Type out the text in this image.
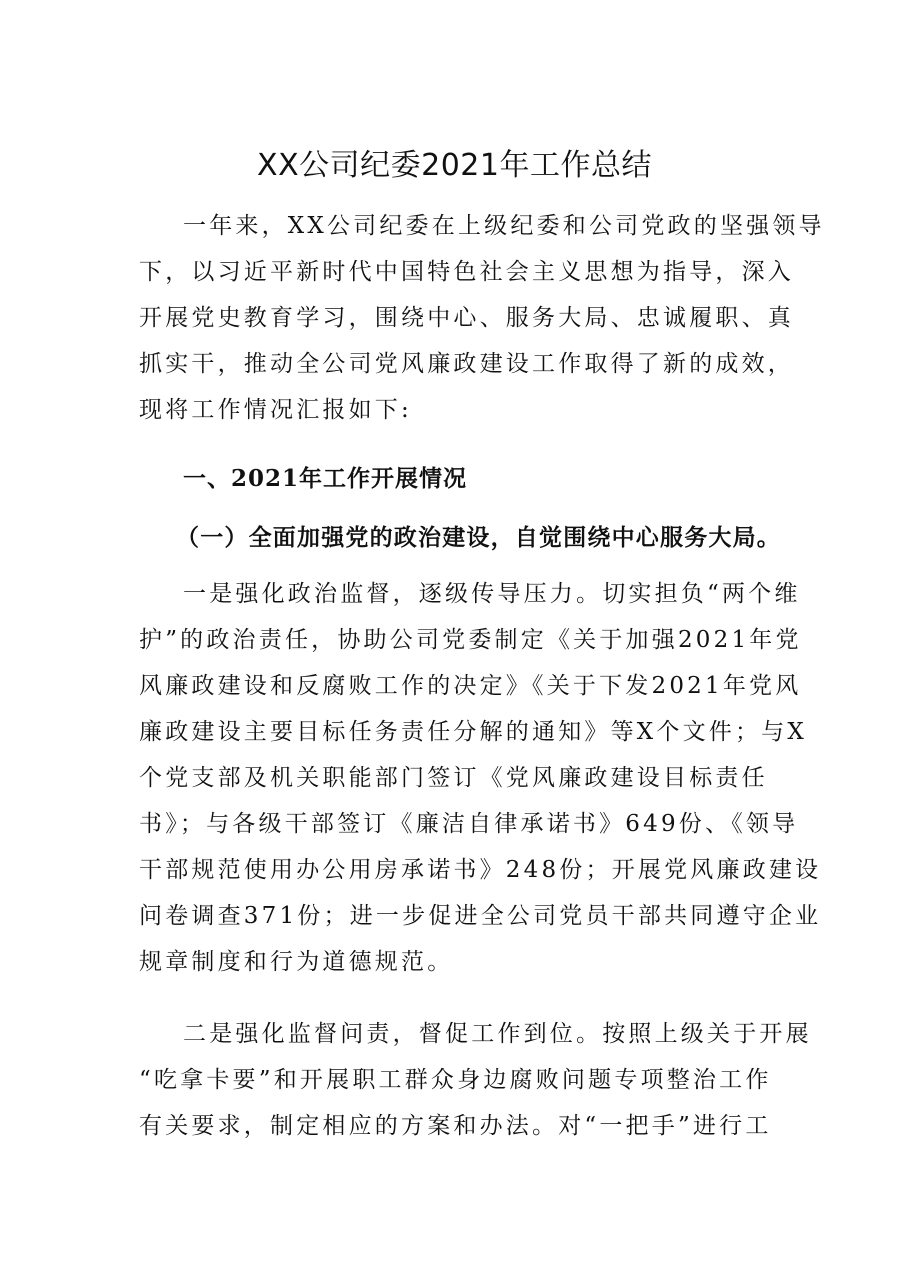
XX公司纪委2021年工作总结

一年来，XX公司纪委在上级纪委和公司党政的坚强领导
下，以习近平新时代中国特色社会主义思想为指导，深入
开展党史教育学习，围绕中心、服务大局、忠诚履职、真
抓实干，推动全公司党风廉政建设工作取得了新的成效，
现将工作情况汇报如下:

一、2021年工作开展情况
（一）全面加强党的政治建设，自觉围绕中心服务大局。

一是强化政治监督，逐级传导压力。切实担负“两个维
护”的政治责任，协助公司党委制定《关于加强2021年党
风廉政建设和反腐败工作的决定》《关于下发2021年党风
廉政建设主要目标任务责任分解的通知》等X个文件；与X
个党支部及机关职能部门签订《党风廉政建设目标责任
书》；与各级干部签订《廉洁自律承诺书》649份、《领导
干部规范使用办公用房承诺书》248份；开展党风廉政建设
问卷调查371份；进一步促进全公司党员干部共同遵守企业
规章制度和行为道德规范。

二是强化监督问责，督促工作到位。按照上级关于开展
“吃拿卡要”和开展职工群众身边腐败问题专项整治工作
有关要求，制定相应的方案和办法。对“一把手”进行工
